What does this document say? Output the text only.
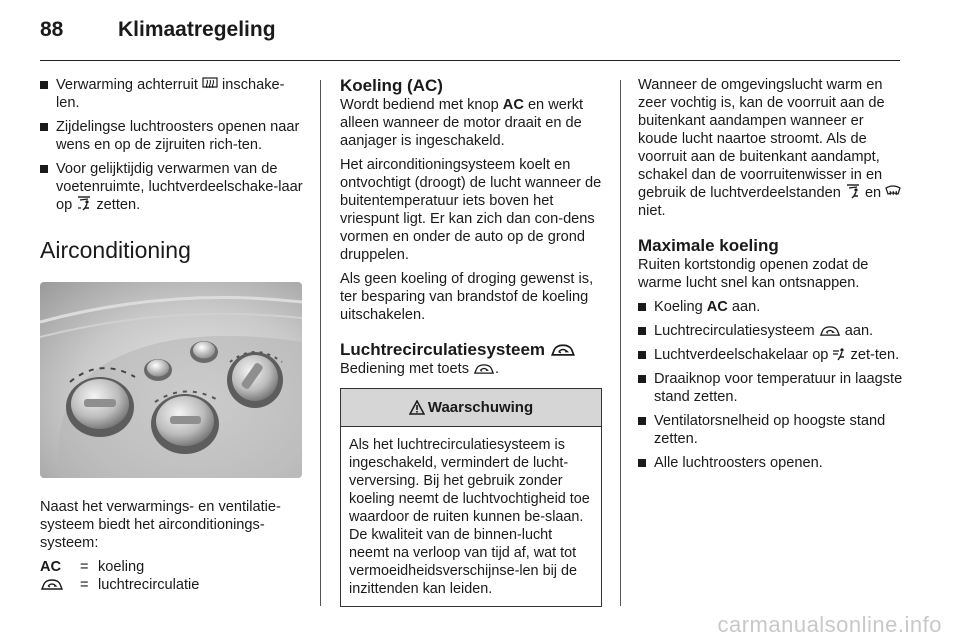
88	Klimaatregeling
Verwarming achterruit  inschake-len.
Zijdelingse luchtroosters openen naar wens en op de zijruiten rich-ten.
Voor gelijktijdig verwarmen van de voetenruimte, luchtverdeelschake-laar op  zetten.
Airconditioning

Naast het verwarmings- en ventilatie-systeem biedt het airconditionings-systeem:

AC	= koeling
= luchtrecirculatie
Koeling (AC)

Wordt bediend met knop AC en werkt alleen wanneer de motor draait en de aanjager is ingeschakeld.

Het airconditioningsysteem koelt en ontvochtigt (droogt) de lucht wanneer de buitentemperatuur iets boven het vriespunt ligt. Er kan zich dan con-dens vormen en onder de auto op de grond druppelen.

Als geen koeling of droging gewenst is, ter besparing van brandstof de koeling uitschakelen.

Luchtrecirculatiesysteem

Bediening met toets .

Waarschuwing
Als het luchtrecirculatiesysteem is ingeschakeld, vermindert de lucht-verversing. Bij het gebruik zonder koeling neemt de luchtvochtigheid toe waardoor de ruiten kunnen be-slaan. De kwaliteit van de binnen-lucht neemt na verloop van tijd af, wat tot vermoeidheidsverschijnse-len bij de inzittenden kan leiden.

Wanneer de omgevingslucht warm en zeer vochtig is, kan de voorruit aan de buitenkant aandampen wanneer er koude lucht naartoe stroomt. Als de voorruit aan de buitenkant aandampt, schakel dan de voorruitenwisser in en gebruik de luchtverdeelstanden  en  niet.

Maximale koeling

Ruiten kortstondig openen zodat de warme lucht snel kan ontsnappen.

Koeling AC aan.
Luchtrecirculatiesysteem  aan.
Luchtverdeelschakelaar op  zet-ten.
Draaiknop voor temperatuur in laagste stand zetten.
Ventilatorsnelheid op hoogste stand zetten.
Alle luchtroosters openen.
carmanualsonline.info
